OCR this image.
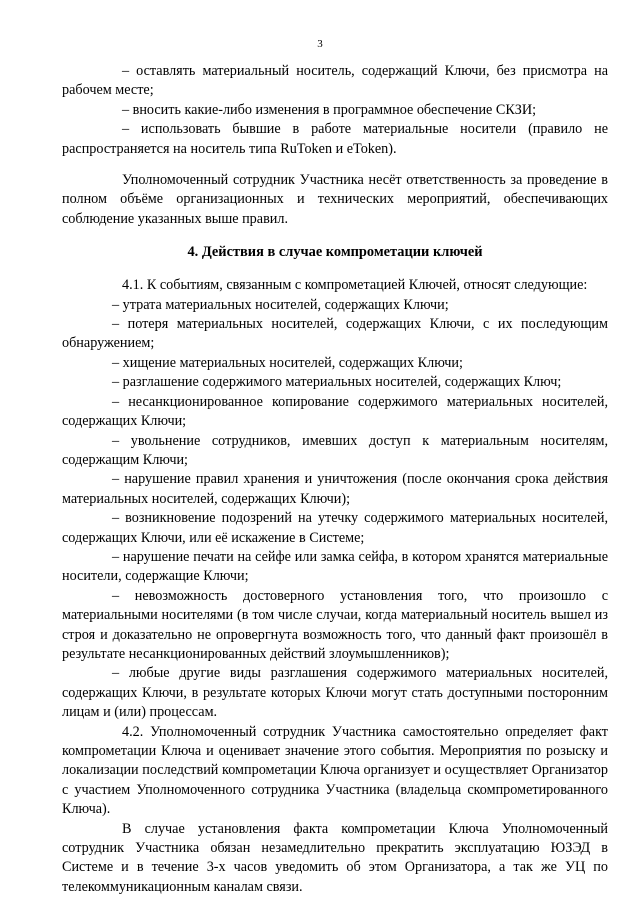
3

– оставлять материальный носитель, содержащий Ключи, без присмотра на рабочем месте;

– вносить какие-либо изменения в программное обеспечение СКЗИ;

– использовать бывшие в работе материальные носители (правило не распространяется на носитель типа RuToken и eToken).

Уполномоченный сотрудник Участника несёт ответственность за проведение в полном объёме организационных и технических мероприятий, обеспечивающих соблюдение указанных выше правил.

4. Действия в случае компрометации ключей

4.1. К событиям, связанным с компрометацией Ключей, относят следующие:

– утрата материальных носителей, содержащих Ключи;

– потеря материальных носителей, содержащих Ключи, с их последующим обнаружением;

– хищение материальных носителей, содержащих Ключи;

– разглашение содержимого материальных носителей, содержащих Ключ;

– несанкционированное копирование содержимого материальных носителей, содержащих Ключи;

– увольнение сотрудников, имевших доступ к материальным носителям, содержащим Ключи;

– нарушение правил хранения и уничтожения (после окончания срока действия материальных носителей, содержащих Ключи);

– возникновение подозрений на утечку содержимого материальных носителей, содержащих Ключи, или её искажение в Системе;

– нарушение печати на сейфе или замка сейфа, в котором хранятся материальные носители, содержащие Ключи;

– невозможность достоверного установления того, что произошло с материальными носителями (в том числе случаи, когда материальный носитель вышел из строя и доказательно не опровергнута возможность того, что данный факт произошёл в результате несанкционированных действий злоумышленников);

– любые другие виды разглашения содержимого материальных носителей, содержащих Ключи, в результате которых Ключи могут стать доступными посторонним лицам и (или) процессам.

4.2. Уполномоченный сотрудник Участника самостоятельно определяет факт компрометации Ключа и оценивает значение этого события. Мероприятия по розыску и локализации последствий компрометации Ключа организует и осуществляет Организатор с участием Уполномоченного сотрудника Участника (владельца скомпрометированного Ключа).

В случае установления факта компрометации Ключа Уполномоченный сотрудник Участника обязан незамедлительно прекратить эксплуатацию ЮЗЭД в Системе и в течение 3-х часов уведомить об этом Организатора, а так же УЦ по телекоммуникационным каналам связи.
